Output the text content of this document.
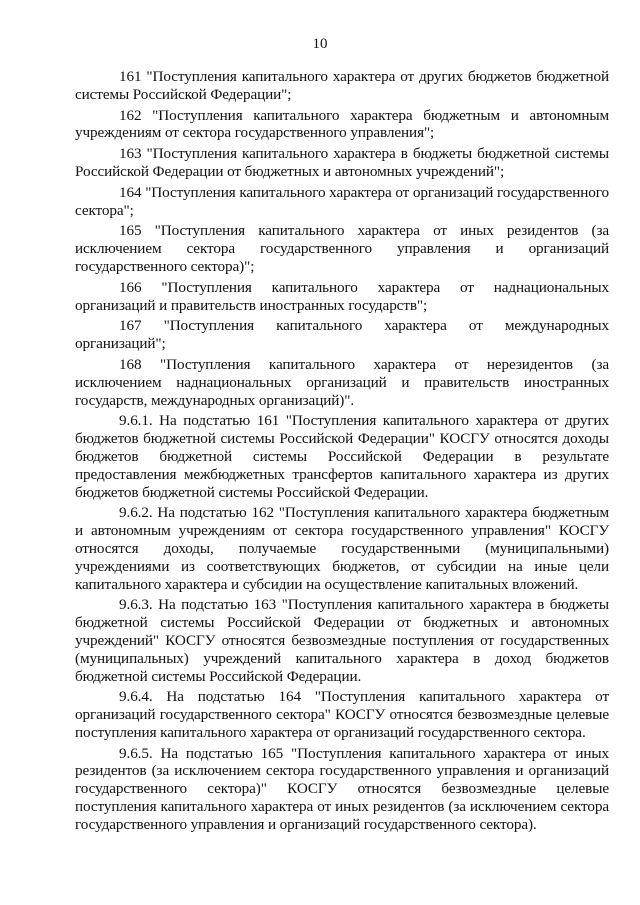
10

161 "Поступления капитального характера от других бюджетов бюджетной системы Российской Федерации";

162 "Поступления капитального характера бюджетным и автономным учреждениям от сектора государственного управления";

163 "Поступления капитального характера в бюджеты бюджетной системы Российской Федерации от бюджетных и автономных учреждений";

164 "Поступления капитального характера от организаций государственного сектора";

165 "Поступления капитального характера от иных резидентов (за исключением сектора государственного управления и организаций государственного сектора)";

166 "Поступления капитального характера от наднациональных организаций и правительств иностранных государств";

167 "Поступления капитального характера от международных организаций";

168 "Поступления капитального характера от нерезидентов (за исключением наднациональных организаций и правительств иностранных государств, международных организаций)".

9.6.1. На подстатью 161 "Поступления капитального характера от других бюджетов бюджетной системы Российской Федерации" КОСГУ относятся доходы бюджетов бюджетной системы Российской Федерации в результате предоставления межбюджетных трансфертов капитального характера из других бюджетов бюджетной системы Российской Федерации.

9.6.2. На подстатью 162 "Поступления капитального характера бюджетным и автономным учреждениям от сектора государственного управления" КОСГУ относятся доходы, получаемые государственными (муниципальными) учреждениями из соответствующих бюджетов, от субсидии на иные цели капитального характера и субсидии на осуществление капитальных вложений.

9.6.3. На подстатью 163 "Поступления капитального характера в бюджеты бюджетной системы Российской Федерации от бюджетных и автономных учреждений" КОСГУ относятся безвозмездные поступления от государственных (муниципальных) учреждений капитального характера в доход бюджетов бюджетной системы Российской Федерации.

9.6.4. На подстатью 164 "Поступления капитального характера от организаций государственного сектора" КОСГУ относятся безвозмездные целевые поступления капитального характера от организаций государственного сектора.

9.6.5. На подстатью 165 "Поступления капитального характера от иных резидентов (за исключением сектора государственного управления и организаций государственного сектора)" КОСГУ относятся безвозмездные целевые поступления капитального характера от иных резидентов (за исключением сектора государственного управления и организаций государственного сектора).
